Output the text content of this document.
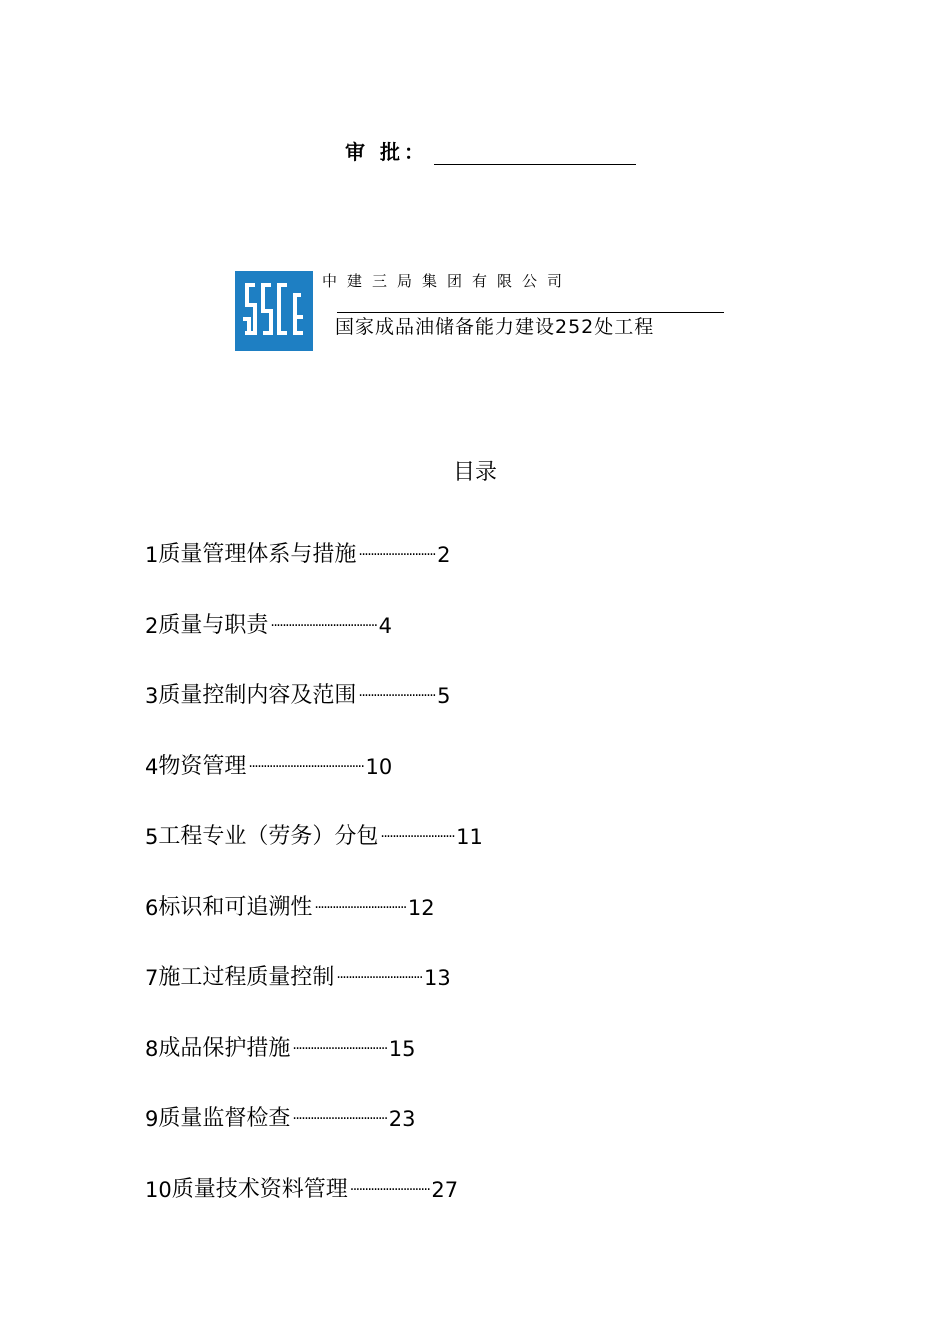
审 批：
中建三局集团有限公司
国家成品油储备能力建设252处工程
目录
1 质量管理体系与措施 ·························· 2
2 质量与职责 ···································· 4
3 质量控制内容及范围 ·························· 5
4 物资管理 ······································· 10
5 工程专业（劳务）分包 ························· 11
6 标识和可追溯性 ······························· 12
7 施工过程质量控制 ····························· 13
8 成品保护措施 ································ 15
9 质量监督检查 ································ 23
10 质量技术资料管理 ··························· 27
